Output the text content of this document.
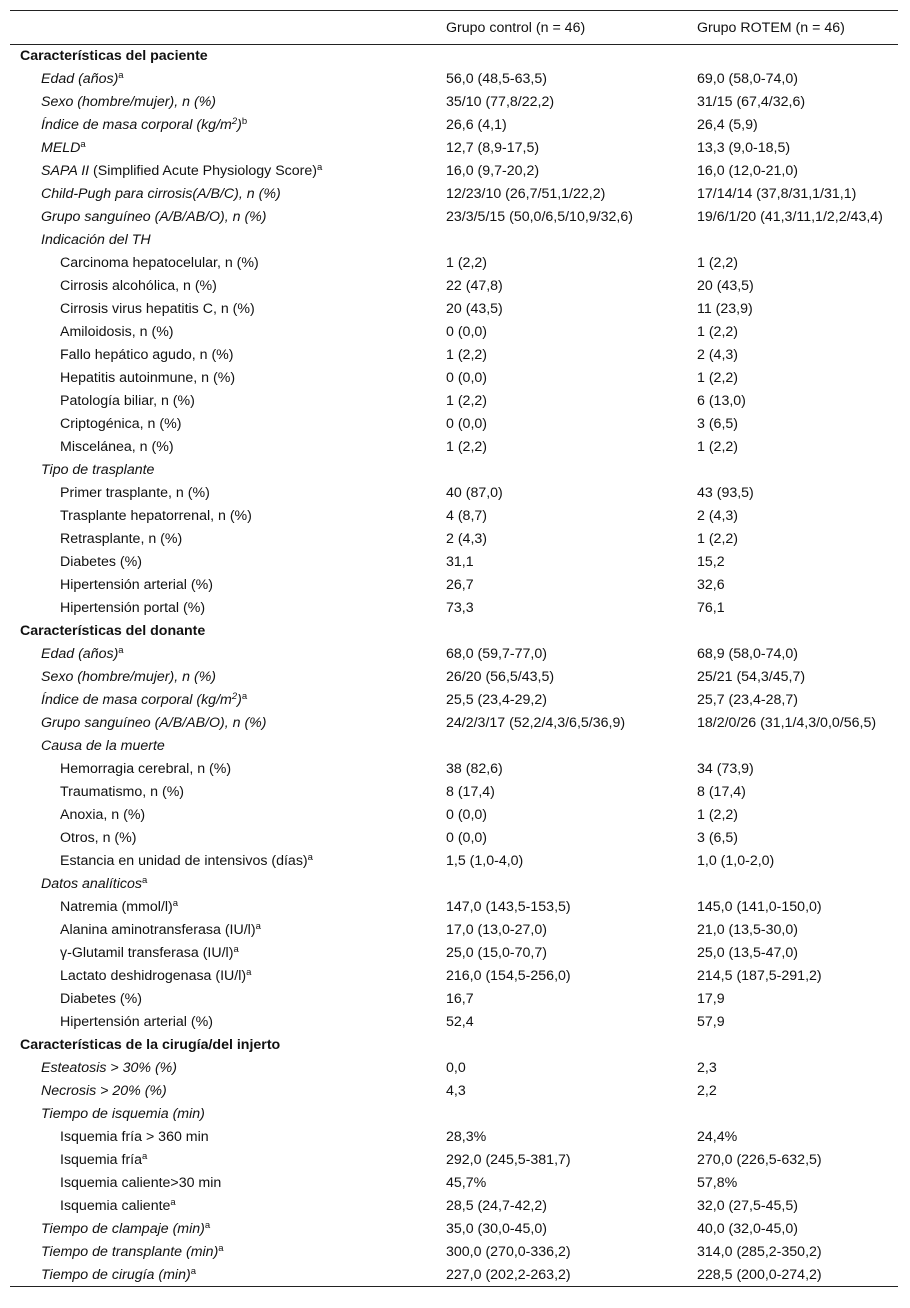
	Grupo control (n = 46)	Grupo ROTEM (n = 46)
Características del paciente		
Edad (años)$^a$	56,0 (48,5-63,5)	69,0 (58,0-74,0)
Sexo (hombre/mujer), n (%)	35/10 (77,8/22,2)	31/15 (67,4/32,6)
Índice de masa corporal $(kg/m^2)^b$	26,6 (4,1)	26,4 (5,9)
MELD$^a$	12,7 (8,9-17,5)	13,3 (9,0-18,5)
SAPA II (Simplified Acute Physiology Score)$^a$	16,0 (9,7-20,2)	16,0 (12,0-21,0)
Child-Pugh para cirrosis(A/B/C), n (%)	12/23/10 (26,7/51,1/22,2)	17/14/14 (37,8/31,1/31,1)
Grupo sanguíneo (A/B/AB/O), n (%)	23/3/5/15 (50,0/6,5/10,9/32,6)	19/6/1/20 (41,3/11,1/2,2/43,4)
Indicación del TH		
Carcinoma hepatocelular, n (%)	1 (2,2)	1 (2,2)
Cirrosis alcohólica, n (%)	22 (47,8)	20 (43,5)
Cirrosis virus hepatitis C, n (%)	20 (43,5)	11 (23,9)
Amiloidosis, n (%)	0 (0,0)	1 (2,2)
Fallo hepático agudo, n (%)	1 (2,2)	2 (4,3)
Hepatitis autoinmune, n (%)	0 (0,0)	1 (2,2)
Patología biliar, n (%)	1 (2,2)	6 (13,0)
Criptogénica, n (%)	0 (0,0)	3 (6,5)
Miscelánea, n (%)	1 (2,2)	1 (2,2)
Tipo de trasplante		
Primer trasplante, n (%)	40 (87,0)	43 (93,5)
Trasplante hepatorrenal, n (%)	4 (8,7)	2 (4,3)
Retrasplante, n (%)	2 (4,3)	1 (2,2)
Diabetes (%)	31,1	15,2
Hipertensión arterial (%)	26,7	32,6
Hipertensión portal (%)	73,3	76,1
Características del donante		
Edad (años)$^a$	68,0 (59,7-77,0)	68,9 (58,0-74,0)
Sexo (hombre/mujer), n (%)	26/20 (56,5/43,5)	25/21 (54,3/45,7)
Índice de masa corporal $(kg/m^2)^a$	25,5 (23,4-29,2)	25,7 (23,4-28,7)
Grupo sanguíneo (A/B/AB/O), n (%)	24/2/3/17 (52,2/4,3/6,5/36,9)	18/2/0/26 (31,1/4,3/0,0/56,5)
Causa de la muerte		
Hemorragia cerebral, n (%)	38 (82,6)	34 (73,9)
Traumatismo, n (%)	8 (17,4)	8 (17,4)
Anoxia, n (%)	0 (0,0)	1 (2,2)
Otros, n (%)	0 (0,0)	3 (6,5)
Estancia en unidad de intensivos (días)$^a$	1,5 (1,0-4,0)	1,0 (1,0-2,0)
Datos analíticos$^a$		
Natremia (mmol/l)$^a$	147,0 (143,5-153,5)	145,0 (141,0-150,0)
Alanina aminotransferasa $(IU/l)^a$	17,0 (13,0-27,0)	21,0 (13,5-30,0)
γ-Glutamil transferasa $(IU/l)^a$	25,0 (15,0-70,7)	25,0 (13,5-47,0)
Lactato deshidrogenasa $(IU/l)^a$	216,0 (154,5-256,0)	214,5 (187,5-291,2)
Diabetes (%)	16,7	17,9
Hipertensión arterial (%)	52,4	57,9
Características de la cirugía/del injerto		
Esteatosis > 30% (%)	0,0	2,3
Necrosis > 20% (%)	4,3	2,2
Tiempo de isquemia (min)		
Isquemia fría > 360 min	28,3%	24,4%
Isquemia fría$^a$	292,0 (245,5-381,7)	270,0 (226,5-632,5)
Isquemia caliente>30 min	45,7%	57,8%
Isquemia caliente$^a$	28,5 (24,7-42,2)	32,0 (27,5-45,5)
Tiempo de clampaje $(\min)^a$	35,0 (30,0-45,0)	40,0 (32,0-45,0)
Tiempo de transplante $(\min)^a$	300,0 (270,0-336,2)	314,0 (285,2-350,2)
Tiempo de cirugía $(\min)^a$	227,0 (202,2-263,2)	228,5 (200,0-274,2)
